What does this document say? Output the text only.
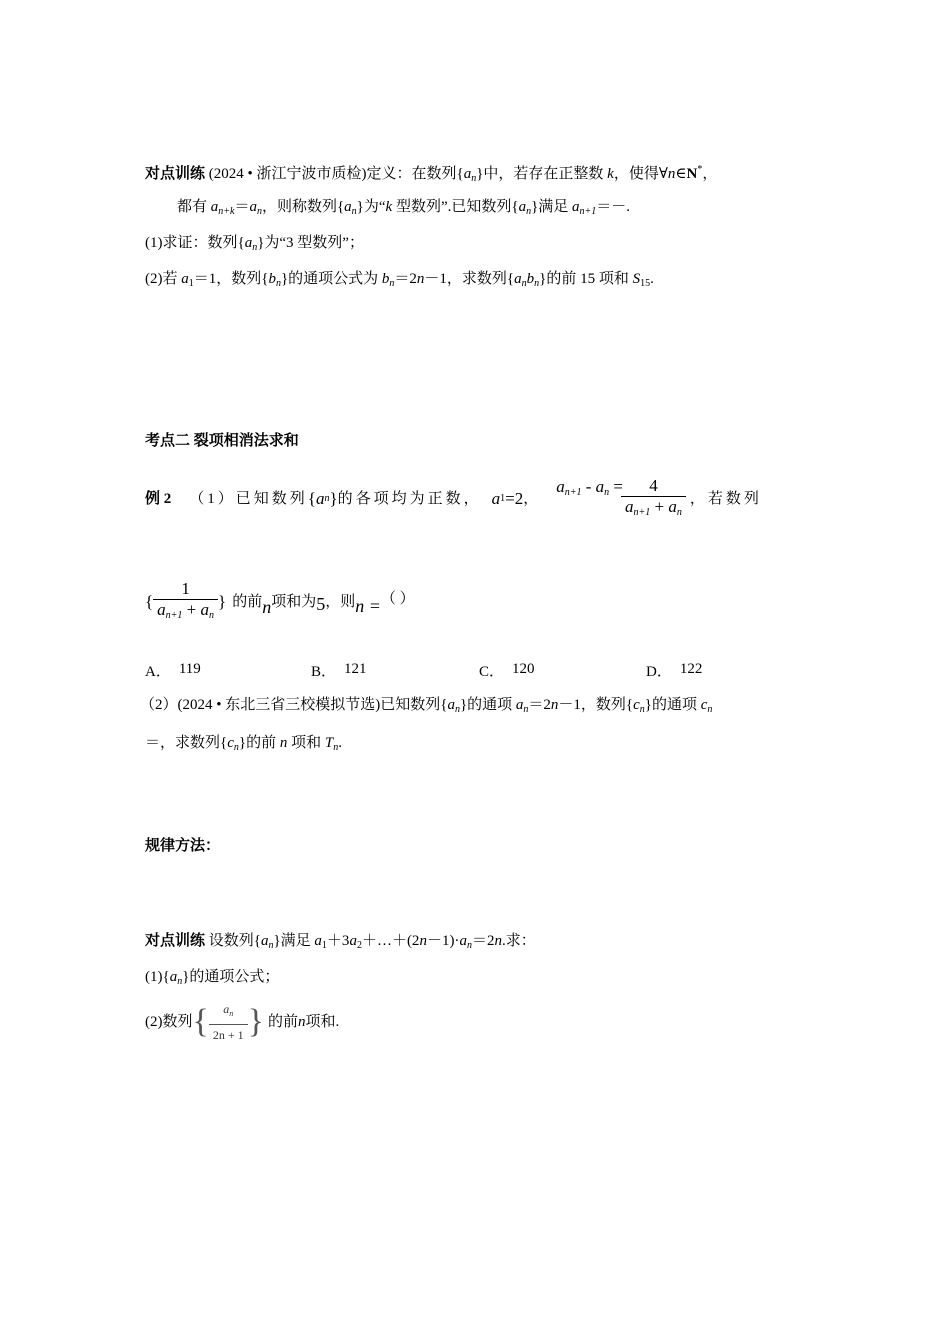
对点训练 (2024 • 浙江宁波市质检)定义：在数列$\{a_n\}$中，若存在正整数 k，使得∀n∈N*，
都有 $a_{n+k}=a_n$，则称数列$\{a_n\}$为“k 型数列”.已知数列$\{a_n\}$满足 $a_{n+1}=-$.
(1)求证：数列$\{a_n\}$为“3 型数列”；
(2)若 $a_1=1$，数列$\{b_n\}$的通项公式为 $b_n=2n-1$，求数列$\{a_nb_n\}$的前 15 项和 $S_{15}$.
考点二 裂项相消法求和
例 2 （1）已知数列 { a n } 的各项均为正数， a 1 =2 ，
$a_{n+1} - a_n$ =
$\frac{4}{a_{n+1} + a_n}$ ，若数列
{ $\frac{1}{a_{n+1} + a_n}$ } 的前 n 项和为 5 ，则 n = （ ）
A． 119	B． 121	C． 120	D． 122
（2）(2024 • 东北三省三校模拟节选)已知数列$\{a_n\}$的通项 $a_n=2n-1$，数列$\{c_n\}$的通项 $c_n$
＝，求数列$\{c_n\}$的前 n 项和 $T_n$.
规律方法：
对点训练 设数列$\{a_n\}$满足 $a_1+3a_2+\dots+(2n-1)\cdot a_n=2n$.求：
$(1)\{a_n\}$的通项公式；
(2)数列 { $\frac{a_n}{2n + 1}$ } 的前 n 项和.
